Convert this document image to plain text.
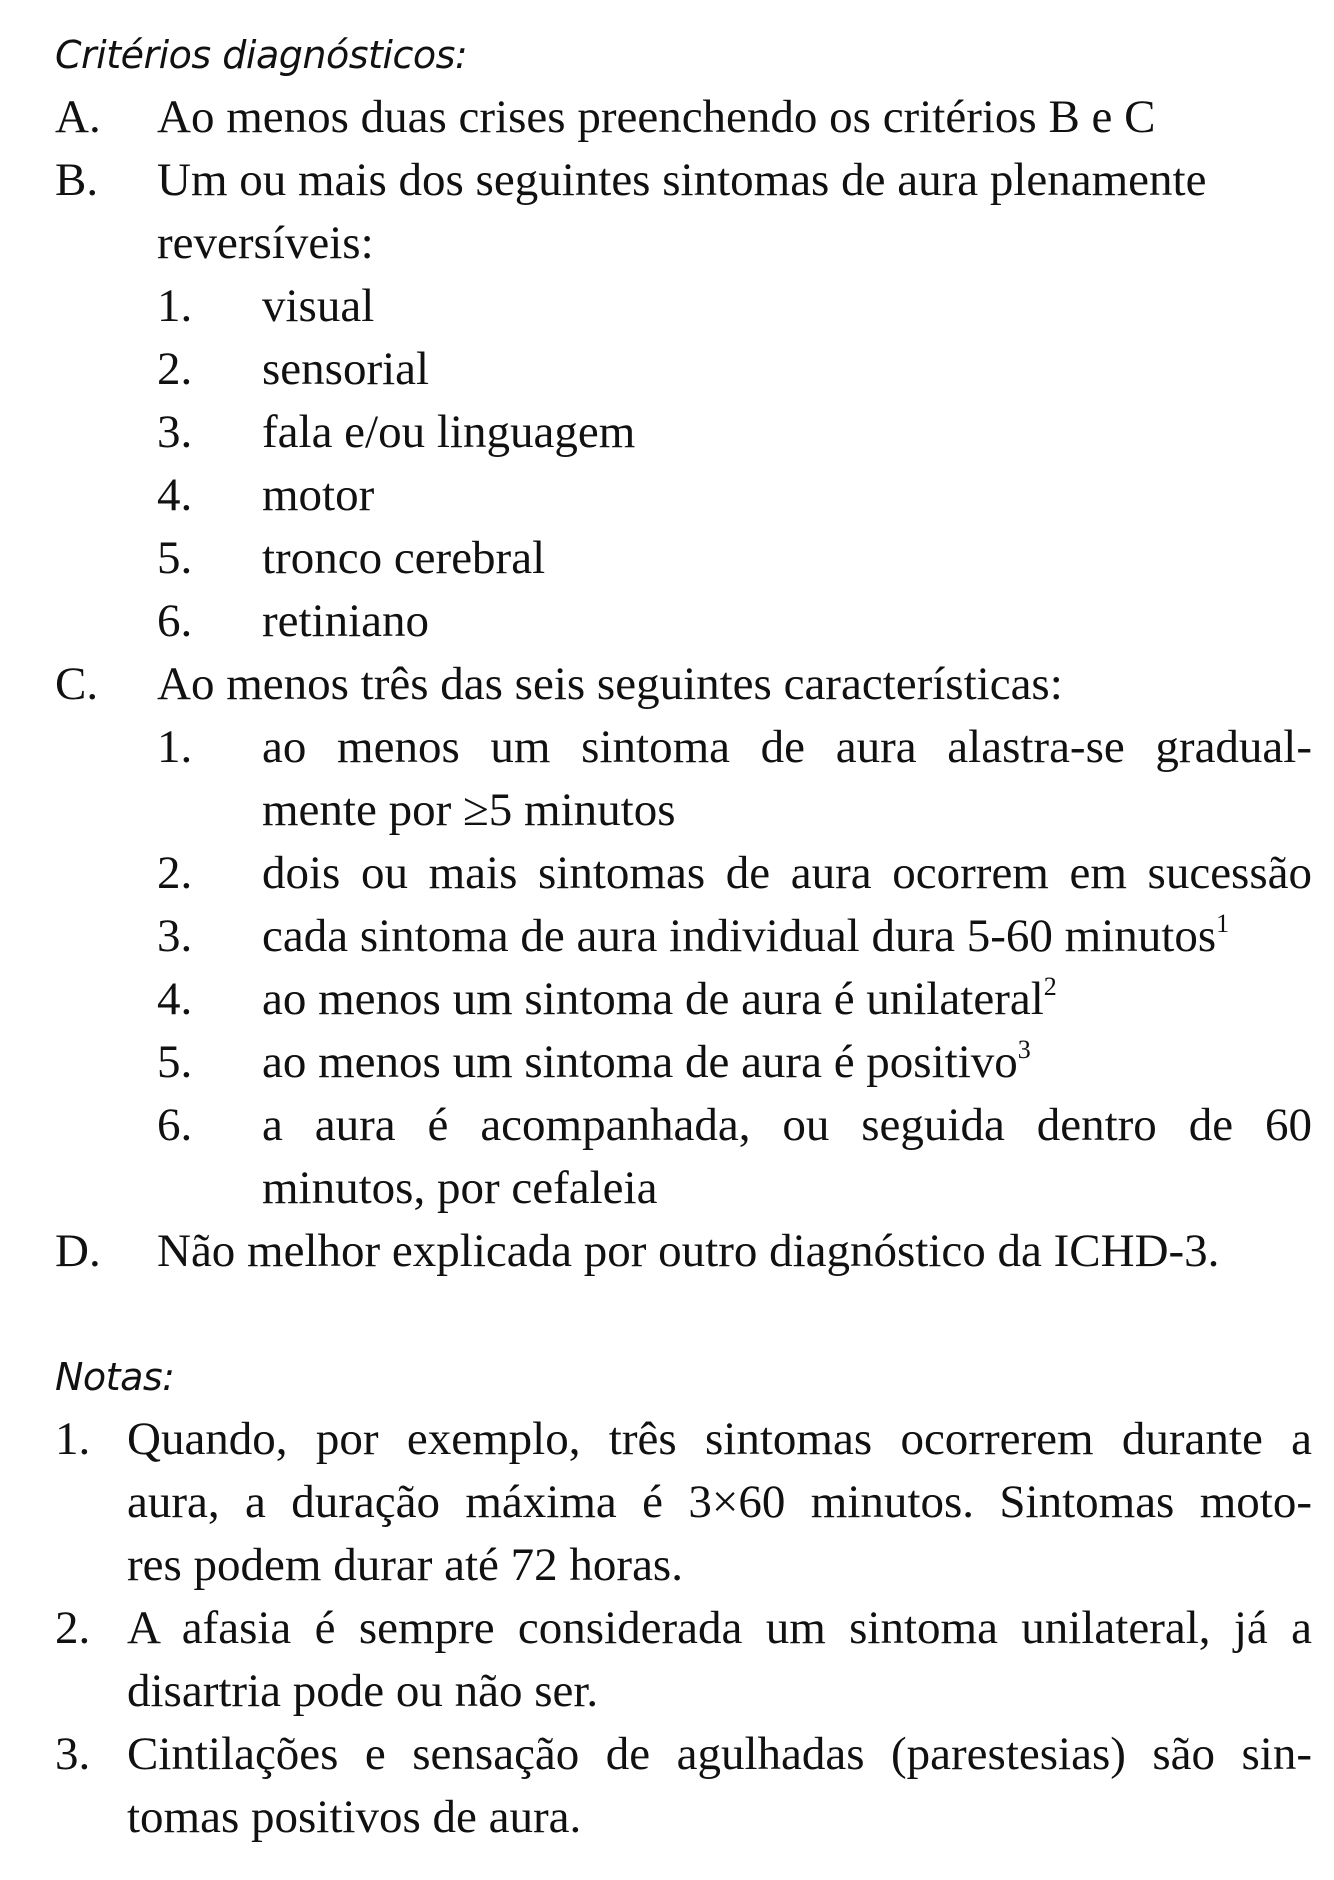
Critérios diagnósticos:
A. Ao menos duas crises preenchendo os critérios B e C

B. Um ou mais dos seguintes sintomas de aura plenamente

reversíveis:

1. visual

2. sensorial

3. fala e/ou linguagem

4. motor

5. tronco cerebral

6. retiniano

C. Ao menos três das seis seguintes características:

1. ao menos um sintoma de aura alastra-se gradual-

mente por ≥5 minutos

2. dois ou mais sintomas de aura ocorrem em sucessão

3. cada sintoma de aura individual dura 5-60 minutos$^1$

4. ao menos um sintoma de aura é unilateral$^2$

5. ao menos um sintoma de aura é positivo$^3$

6. a aura é acompanhada, ou seguida dentro de 60

minutos, por cefaleia

D. Não melhor explicada por outro diagnóstico da ICHD-3.

Notas:
1. Quando, por exemplo, três sintomas ocorrerem durante a

aura, a duração máxima é 3×60 minutos. Sintomas moto-

res podem durar até 72 horas.

2. A afasia é sempre considerada um sintoma unilateral, já a

disartria pode ou não ser.

3. Cintilações e sensação de agulhadas (parestesias) são sin-

tomas positivos de aura.
